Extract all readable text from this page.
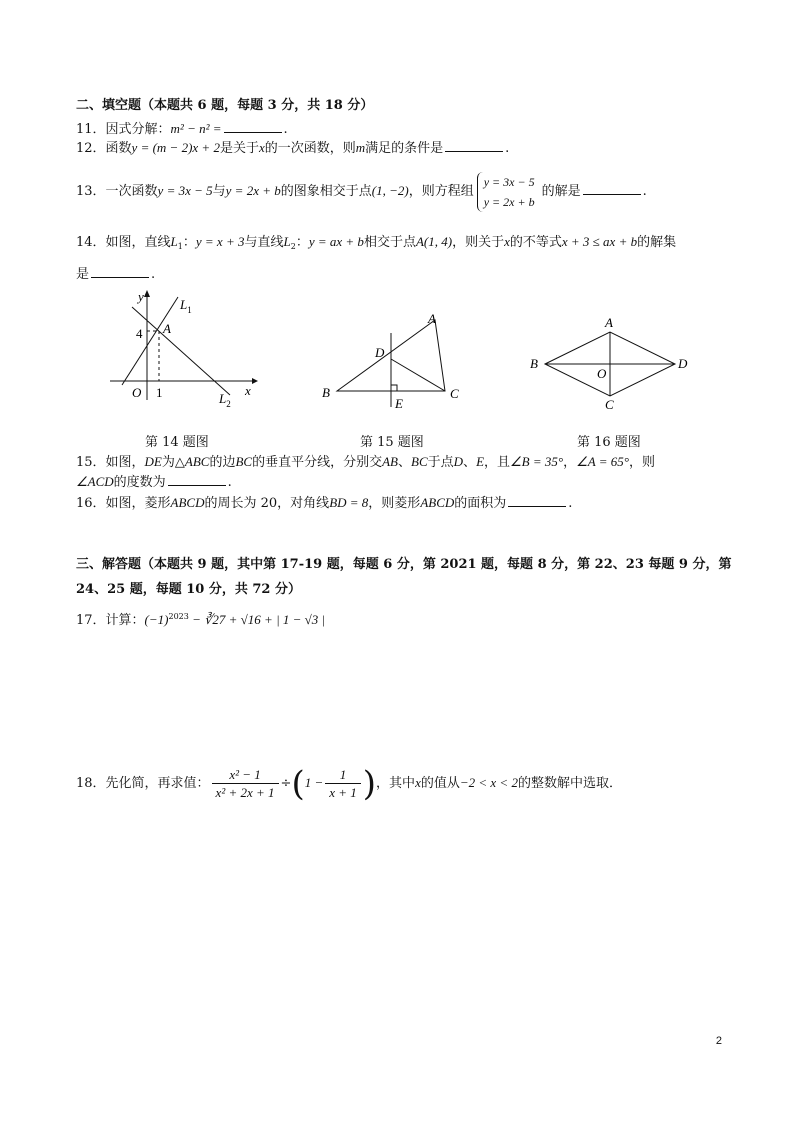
二、填空题（本题共 6 题，每题 3 分，共 18 分）
11．因式分解：m² − n² =	.
12．函数y = (m − 2)x + 2是关于x的一次函数，则m满足的条件是	.
13．一次函数y = 3x − 5与y = 2x + b的图象相交于点(1, −2)，则方程组
y = 3x − 5
y = 2x + b
的解是	.
14．如图，直线$L_1$：y = x + 3与直线$L_2$：y = ax + b相交于点A(1, 4)，则关于x的不等式x + 3 ≤ ax + b的解集
是	.
y
x
O 1
4 A
$L_1$
$L_2$
A
B	C
D
E
A
B
C
D
O
第 14 题图	第 15 题图	第 16 题图
15．如图，DE为△ABC的边BC的垂直平分线，分别交AB、BC于点D、E，且∠B = 35°，∠A = 65°，则
∠ACD的度数为	.
16．如图，菱形ABCD的周长为 20，对角线BD = 8，则菱形ABCD的面积为	.
三、解答题（本题共 9 题，其中第 17-19 题，每题 6 分，第 2021 题，每题 8 分，第 22、23 每题 9 分，第
24、25 题，每题 10 分，共 72 分）
17．计算：$(-1)^{2023}$ − ∛27 + √16 + | 1 − √3 |
18．先化简，再求值： $\frac{\text{x² − 1}}{\text{x² + 2x + 1}} \div(1 - \frac{1}{x + 1}$ )，其中x的值从−2 < x < 2的整数解中选取．
2
